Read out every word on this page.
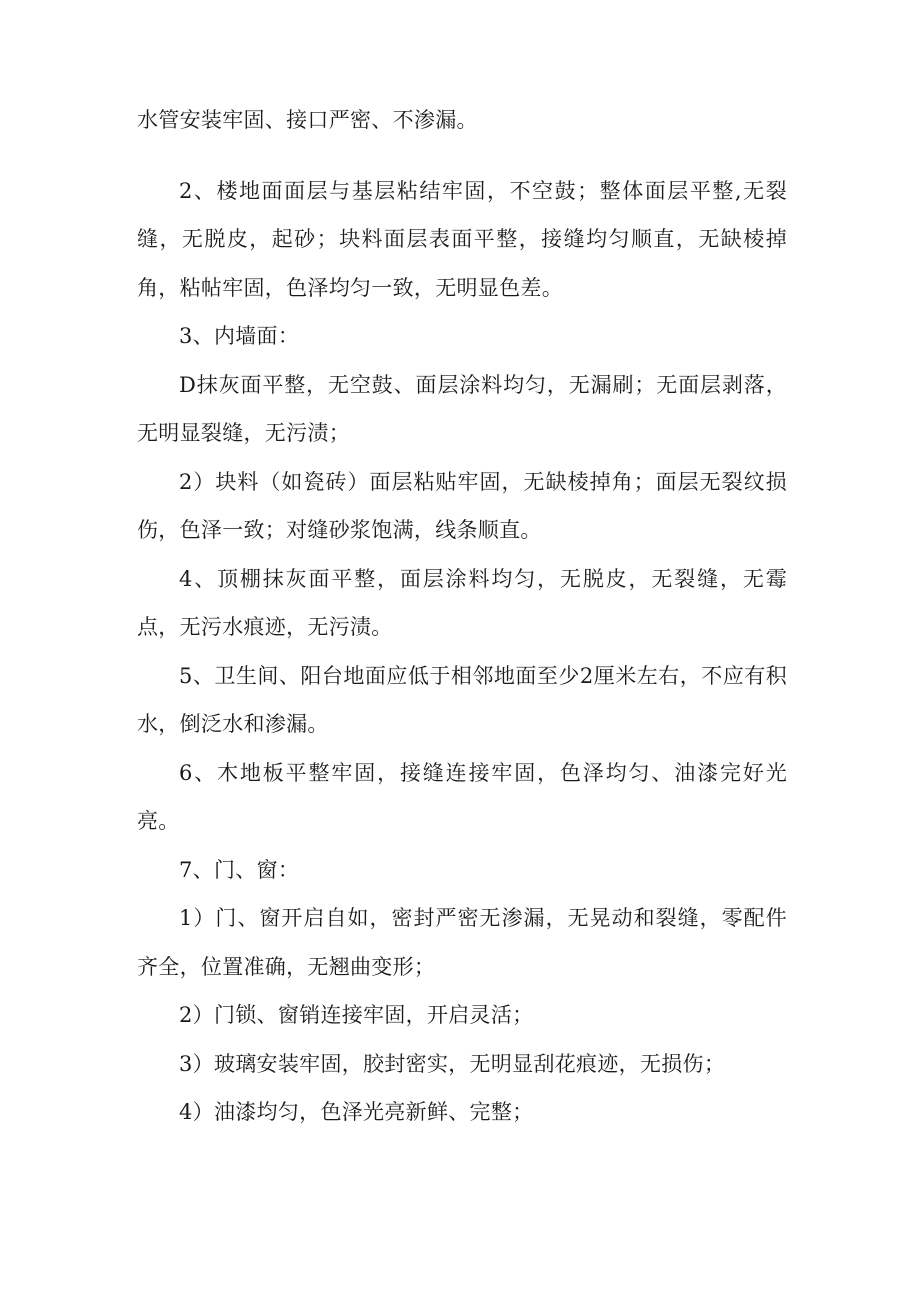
水管安装牢固、接口严密、不渗漏。

2、楼地面面层与基层粘结牢固，不空鼓；整体面层平整,无裂缝，无脱皮，起砂；块料面层表面平整，接缝均匀顺直，无缺棱掉角，粘帖牢固，色泽均匀一致，无明显色差。

3、内墙面：

D抹灰面平整，无空鼓、面层涂料均匀，无漏刷；无面层剥落，无明显裂缝，无污渍；

2）块料（如瓷砖）面层粘贴牢固，无缺棱掉角；面层无裂纹损伤，色泽一致；对缝砂浆饱满，线条顺直。

4、顶棚抹灰面平整，面层涂料均匀，无脱皮，无裂缝，无霉点，无污水痕迹，无污渍。

5、卫生间、阳台地面应低于相邻地面至少2厘米左右，不应有积水，倒泛水和渗漏。

6、木地板平整牢固，接缝连接牢固，色泽均匀、油漆完好光亮。

7、门、窗：

1）门、窗开启自如，密封严密无渗漏，无晃动和裂缝，零配件齐全，位置准确，无翘曲变形；

2）门锁、窗销连接牢固，开启灵活；

3）玻璃安装牢固，胶封密实，无明显刮花痕迹，无损伤；

4）油漆均匀，色泽光亮新鲜、完整；
